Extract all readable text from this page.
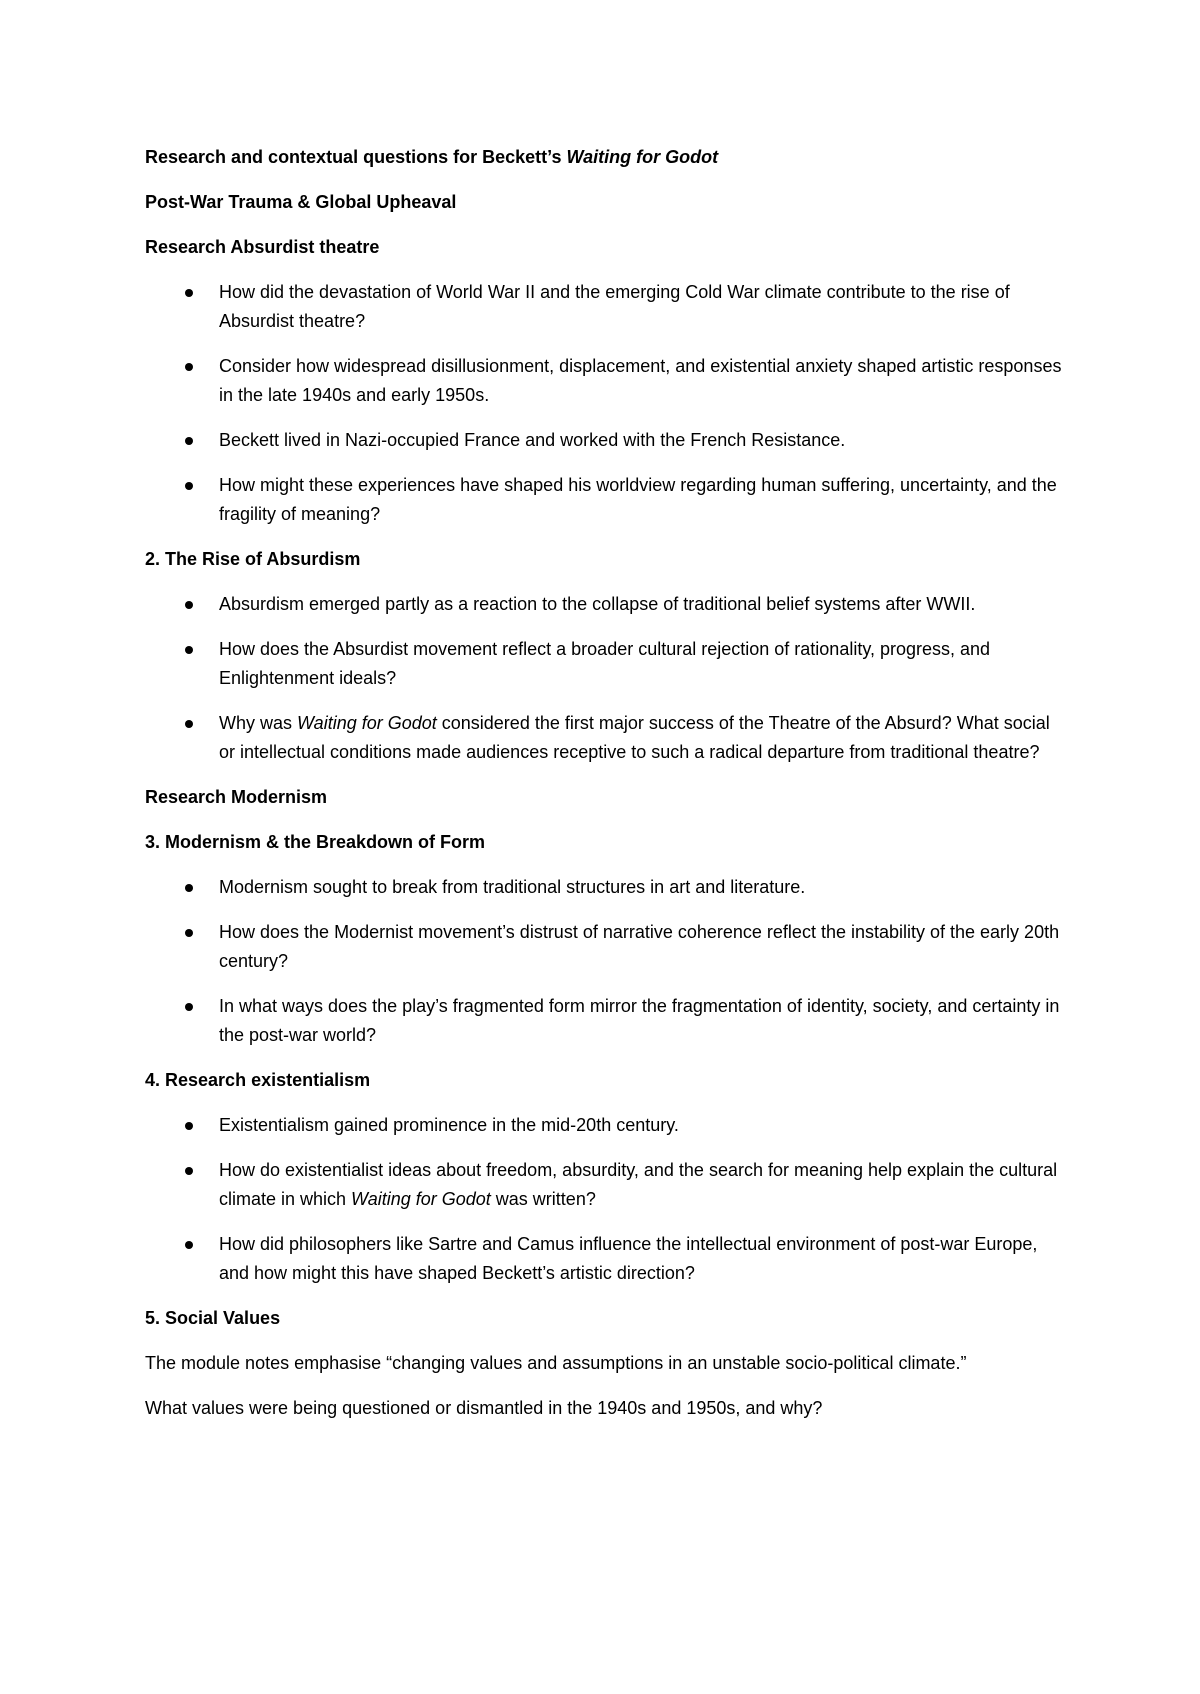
Research and contextual questions for Beckett’s Waiting for Godot

Post-War Trauma & Global Upheaval

Research Absurdist theatre

How did the devastation of World War II and the emerging Cold War climate contribute to the rise of Absurdist theatre?
Consider how widespread disillusionment, displacement, and existential anxiety shaped artistic responses in the late 1940s and early 1950s.
Beckett lived in Nazi-occupied France and worked with the French Resistance.
How might these experiences have shaped his worldview regarding human suffering, uncertainty, and the fragility of meaning?

2. The Rise of Absurdism

Absurdism emerged partly as a reaction to the collapse of traditional belief systems after WWII.
How does the Absurdist movement reflect a broader cultural rejection of rationality, progress, and Enlightenment ideals?
Why was Waiting for Godot considered the first major success of the Theatre of the Absurd? What social or intellectual conditions made audiences receptive to such a radical departure from traditional theatre?

Research Modernism

3. Modernism & the Breakdown of Form

Modernism sought to break from traditional structures in art and literature.
How does the Modernist movement’s distrust of narrative coherence reflect the instability of the early 20th century?
In what ways does the play’s fragmented form mirror the fragmentation of identity, society, and certainty in the post-war world?

4. Research existentialism

Existentialism gained prominence in the mid-20th century.
How do existentialist ideas about freedom, absurdity, and the search for meaning help explain the cultural climate in which Waiting for Godot was written?
How did philosophers like Sartre and Camus influence the intellectual environment of post-war Europe, and how might this have shaped Beckett’s artistic direction?

5. Social Values

The module notes emphasise “changing values and assumptions in an unstable socio-political climate.”

What values were being questioned or dismantled in the 1940s and 1950s, and why?
